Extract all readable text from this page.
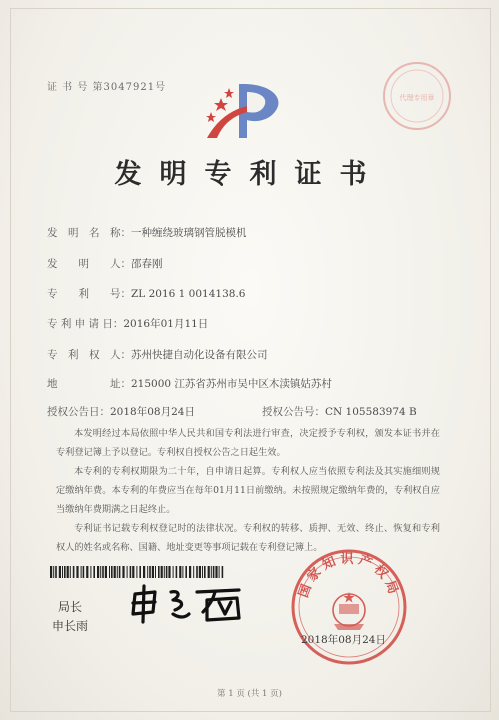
代理专用章
证 书 号 第3047921号
发明专利证书
发　明　名　称：一种缠绕玻璃钢管脱模机
发　　明　　人：邵春刚
专　　利　　号：ZL 2016 1 0014138.6
专 利 申 请 日：2016年01月11日
专　利　权　人：苏州快捷自动化设备有限公司
地　　　　　址：215000 江苏省苏州市吴中区木渎镇姑苏村
授权公告日：2018年08月24日	授权公告号：CN 105583974 B
本发明经过本局依照中华人民共和国专利法进行审查，决定授予专利权，颁发本证书并在专利登记簿上予以登记。专利权自授权公告之日起生效。
本专利的专利权期限为二十年，自申请日起算。专利权人应当依照专利法及其实施细则规定缴纳年费。本专利的年费应当在每年01月11日前缴纳。未按照规定缴纳年费的，专利权自应当缴纳年费期满之日起终止。
专利证书记载专利权登记时的法律状况。专利权的转移、质押、无效、终止、恢复和专利权人的姓名或名称、国籍、地址变更等事项记载在专利登记簿上。
局长
申长雨
国家知识产权局
2018年08月24日
第 1 页 (共 1 页)
